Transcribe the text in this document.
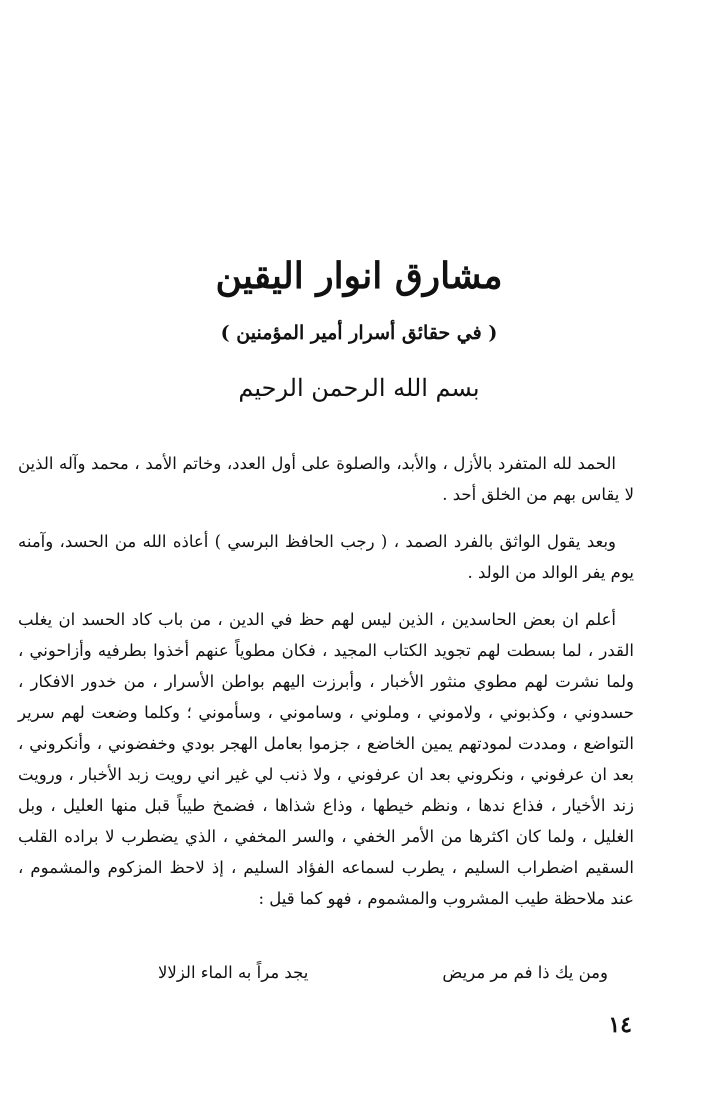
مشارق انوار اليقين
( في حقائق أسرار أمير المؤمنين )

بسم الله الرحمن الرحيم

الحمد لله المتفرد بالأزل ، والأبد، والصلوة على أول العدد، وخاتم الأمد ، محمد وآله الذين لا يقاس بهم من الخلق أحد .

وبعد يقول الواثق بالفرد الصمد ، ( رجب الحافظ البرسي ) أعاذه الله من الحسد، وآمنه يوم يفر الوالد من الولد .

أعلم ان بعض الحاسدين ، الذين ليس لهم حظ في الدين ، من باب كاد الحسد ان يغلب القدر ، لما بسطت لهم تجويد الكتاب المجيد ، فكان مطوياً عنهم أخذوا بطرفيه وأزاحوني ، ولما نشرت لهم مطوي منثور الأخبار ، وأبرزت اليهم بواطن الأسرار ، من خدور الافكار ، حسدوني ، وكذبوني ، ولاموني ، وملوني ، وساموني ، وسأموني ؛ وكلما وضعت لهم سرير التواضع ، ومددت لمودتهم يمين الخاضع ، جزموا بعامل الهجر بودي وخفضوني ، وأنكروني ، بعد ان عرفوني ، ونكروني بعد ان عرفوني ، ولا ذنب لي غير اني رويت زبد الأخبار ، ورويت زند الأخيار ، فذاع ندها ، ونظم خيطها ، وذاع شذاها ، فضمخ طيباً قبل منها العليل ، وبل الغليل ، ولما كان اكثرها من الأمر الخفي ، والسر المخفي ، الذي يضطرب لا براده القلب السقيم اضطراب السليم ، يطرب لسماعه الفؤاد السليم ، إذ لاحظ المزكوم والمشموم ، عند ملاحظة طيب المشروب والمشموم ، فهو كما قيل :

ومن يك ذا فم مر مريض
يجد مراً به الماء الزلالا
١٤
